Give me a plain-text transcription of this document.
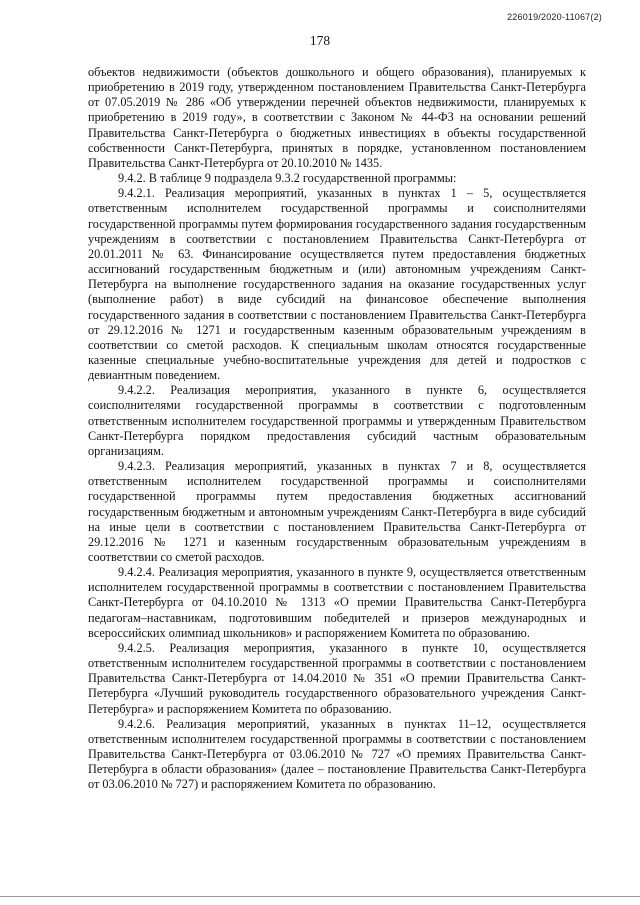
226019/2020-11067(2)
178

объектов недвижимости (объектов дошкольного и общего образования), планируемых к приобретению в 2019 году, утвержденном постановлением Правительства Санкт-Петербурга от 07.05.2019 № 286 «Об утверждении перечней объектов недвижимости, планируемых к приобретению в 2019 году», в соответствии с Законом № 44-ФЗ на основании решений Правительства Санкт-Петербурга о бюджетных инвестициях в объекты государственной собственности Санкт-Петербурга, принятых в порядке, установленном постановлением Правительства Санкт-Петербурга от 20.10.2010 № 1435.

9.4.2. В таблице 9 подраздела 9.3.2 государственной программы:

9.4.2.1. Реализация мероприятий, указанных в пунктах 1 – 5, осуществляется ответственным исполнителем государственной программы и соисполнителями государственной программы путем формирования государственного задания государственным учреждениям в соответствии с постановлением Правительства Санкт-Петербурга от 20.01.2011 № 63. Финансирование осуществляется путем предоставления бюджетных ассигнований государственным бюджетным и (или) автономным учреждениям Санкт-Петербурга на выполнение государственного задания на оказание государственных услуг (выполнение работ) в виде субсидий на финансовое обеспечение выполнения государственного задания в соответствии с постановлением Правительства Санкт-Петербурга от 29.12.2016 № 1271 и государственным казенным образовательным учреждениям в соответствии со сметой расходов. К специальным школам относятся государственные казенные специальные учебно-воспитательные учреждения для детей и подростков с девиантным поведением.

9.4.2.2. Реализация мероприятия, указанного в пункте 6, осуществляется соисполнителями государственной программы в соответствии с подготовленным ответственным исполнителем государственной программы и утвержденным Правительством Санкт-Петербурга порядком предоставления субсидий частным образовательным организациям.

9.4.2.3. Реализация мероприятий, указанных в пунктах 7 и 8, осуществляется ответственным исполнителем государственной программы и соисполнителями государственной программы путем предоставления бюджетных ассигнований государственным бюджетным и автономным учреждениям Санкт-Петербурга в виде субсидий на иные цели в соответствии с постановлением Правительства Санкт-Петербурга от 29.12.2016 № 1271 и казенным государственным образовательным учреждениям в соответствии со сметой расходов.

9.4.2.4. Реализация мероприятия, указанного в пункте 9, осуществляется ответственным исполнителем государственной программы в соответствии с постановлением Правительства Санкт-Петербурга от 04.10.2010 № 1313 «О премии Правительства Санкт-Петербурга педагогам–наставникам, подготовившим победителей и призеров международных и всероссийских олимпиад школьников» и распоряжением Комитета по образованию.

9.4.2.5. Реализация мероприятия, указанного в пункте 10, осуществляется ответственным исполнителем государственной программы в соответствии с постановлением Правительства Санкт-Петербурга от 14.04.2010 № 351 «О премии Правительства Санкт-Петербурга «Лучший руководитель государственного образовательного учреждения Санкт-Петербурга» и распоряжением Комитета по образованию.

9.4.2.6. Реализация мероприятий, указанных в пунктах 11–12, осуществляется ответственным исполнителем государственной программы в соответствии с постановлением Правительства Санкт-Петербурга от 03.06.2010 № 727 «О премиях Правительства Санкт-Петербурга в области образования» (далее – постановление Правительства Санкт-Петербурга от 03.06.2010 № 727) и распоряжением Комитета по образованию.
